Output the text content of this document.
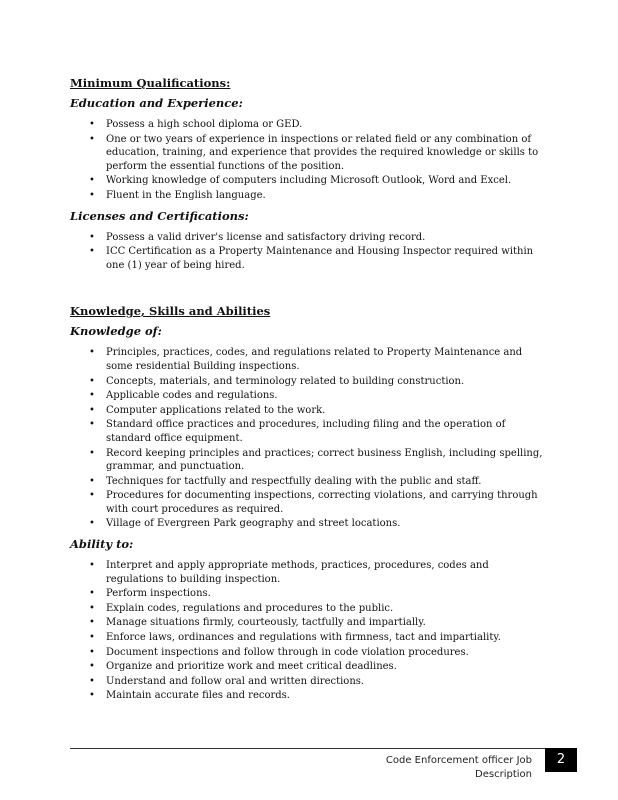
Minimum Qualifications:
Education and Experience:
• Possess a high school diploma or GED.
• One or two years of experience in inspections or related field or any combination of education, training, and experience that provides the required knowledge or skills to perform the essential functions of the position.
• Working knowledge of computers including Microsoft Outlook, Word and Excel.
• Fluent in the English language.
Licenses and Certifications:
• Possess a valid driver's license and satisfactory driving record.
• ICC Certification as a Property Maintenance and Housing Inspector required within one (1) year of being hired.
Knowledge, Skills and Abilities
Knowledge of:
• Principles, practices, codes, and regulations related to Property Maintenance and some residential Building inspections.
• Concepts, materials, and terminology related to building construction.
• Applicable codes and regulations.
• Computer applications related to the work.
• Standard office practices and procedures, including filing and the operation of standard office equipment.
• Record keeping principles and practices; correct business English, including spelling, grammar, and punctuation.
• Techniques for tactfully and respectfully dealing with the public and staff.
• Procedures for documenting inspections, correcting violations, and carrying through with court procedures as required.
• Village of Evergreen Park geography and street locations.
Ability to:
• Interpret and apply appropriate methods, practices, procedures, codes and regulations to building inspection.
• Perform inspections.
• Explain codes, regulations and procedures to the public.
• Manage situations firmly, courteously, tactfully and impartially.
• Enforce laws, ordinances and regulations with firmness, tact and impartiality.
• Document inspections and follow through in code violation procedures.
• Organize and prioritize work and meet critical deadlines.
• Understand and follow oral and written directions.
• Maintain accurate files and records.
Code Enforcement officer Job Description
2
